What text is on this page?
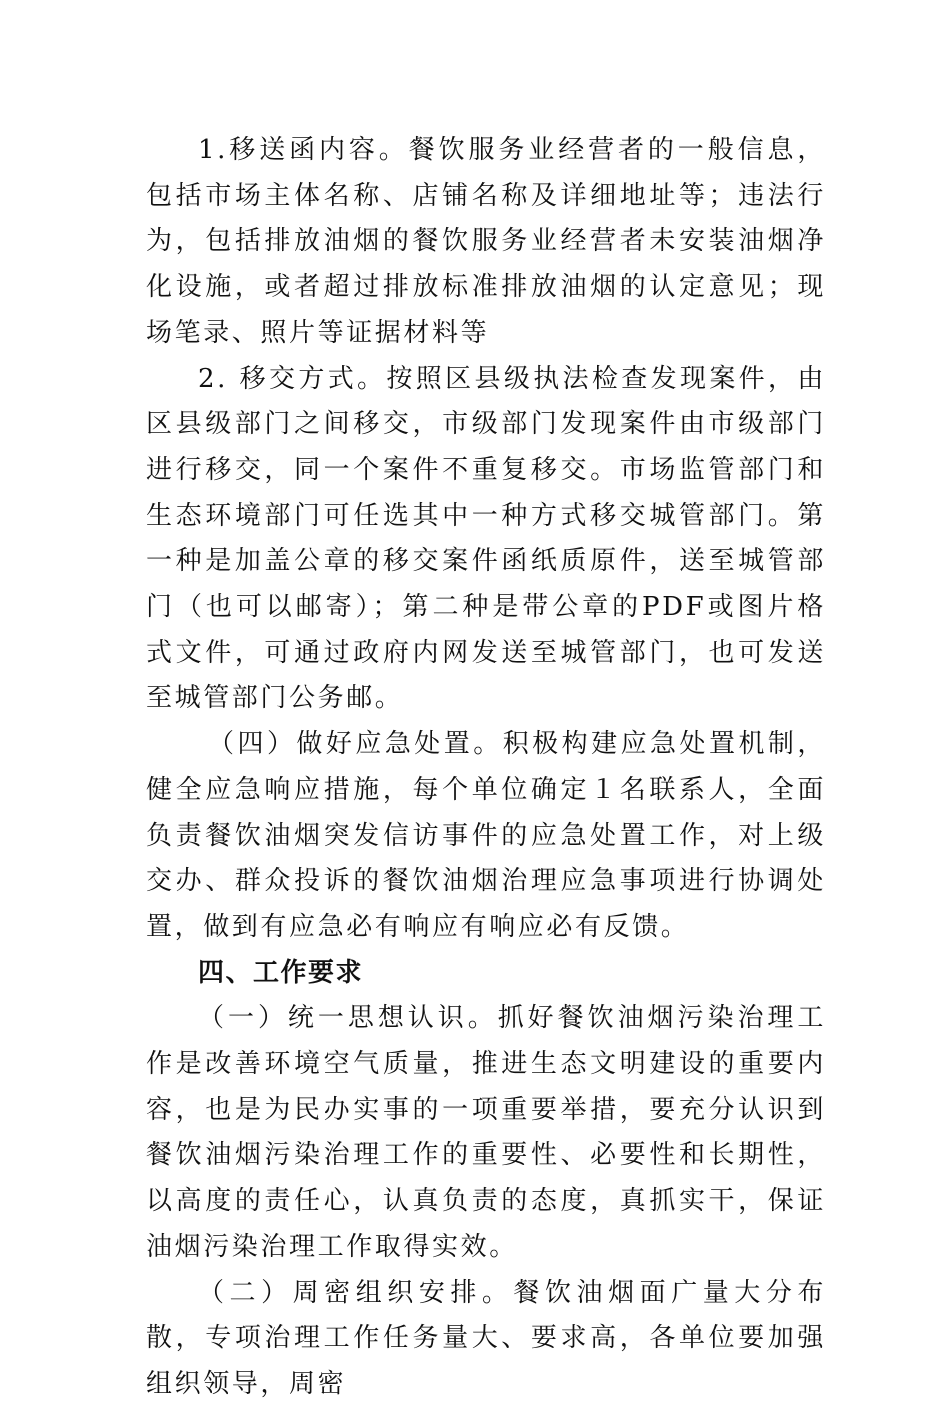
1.移送函内容。餐饮服务业经营者的一般信息，包括市场主体名称、店铺名称及详细地址等；违法行为，包括排放油烟的餐饮服务业经营者未安装油烟净化设施，或者超过排放标准排放油烟的认定意见；现场笔录、照片等证据材料等

2. 移交方式。按照区县级执法检查发现案件，由区县级部门之间移交，市级部门发现案件由市级部门进行移交，同一个案件不重复移交。市场监管部门和生态环境部门可任选其中一种方式移交城管部门。第一种是加盖公章的移交案件函纸质原件，送至城管部门（也可以邮寄）；第二种是带公章的PDF或图片格式文件，可通过政府内网发送至城管部门，也可发送至城管部门公务邮。

（四）做好应急处置。积极构建应急处置机制，健全应急响应措施，每个单位确定１名联系人，全面负责餐饮油烟突发信访事件的应急处置工作，对上级交办、群众投诉的餐饮油烟治理应急事项进行协调处置，做到有应急必有响应有响应必有反馈。

四、工作要求

（一）统一思想认识。抓好餐饮油烟污染治理工作是改善环境空气质量，推进生态文明建设的重要内容，也是为民办实事的一项重要举措，要充分认识到餐饮油烟污染治理工作的重要性、必要性和长期性，以高度的责任心，认真负责的态度，真抓实干，保证油烟污染治理工作取得实效。

（二）周密组织安排。餐饮油烟面广量大分布散，专项治理工作任务量大、要求高，各单位要加强组织领导，周密
